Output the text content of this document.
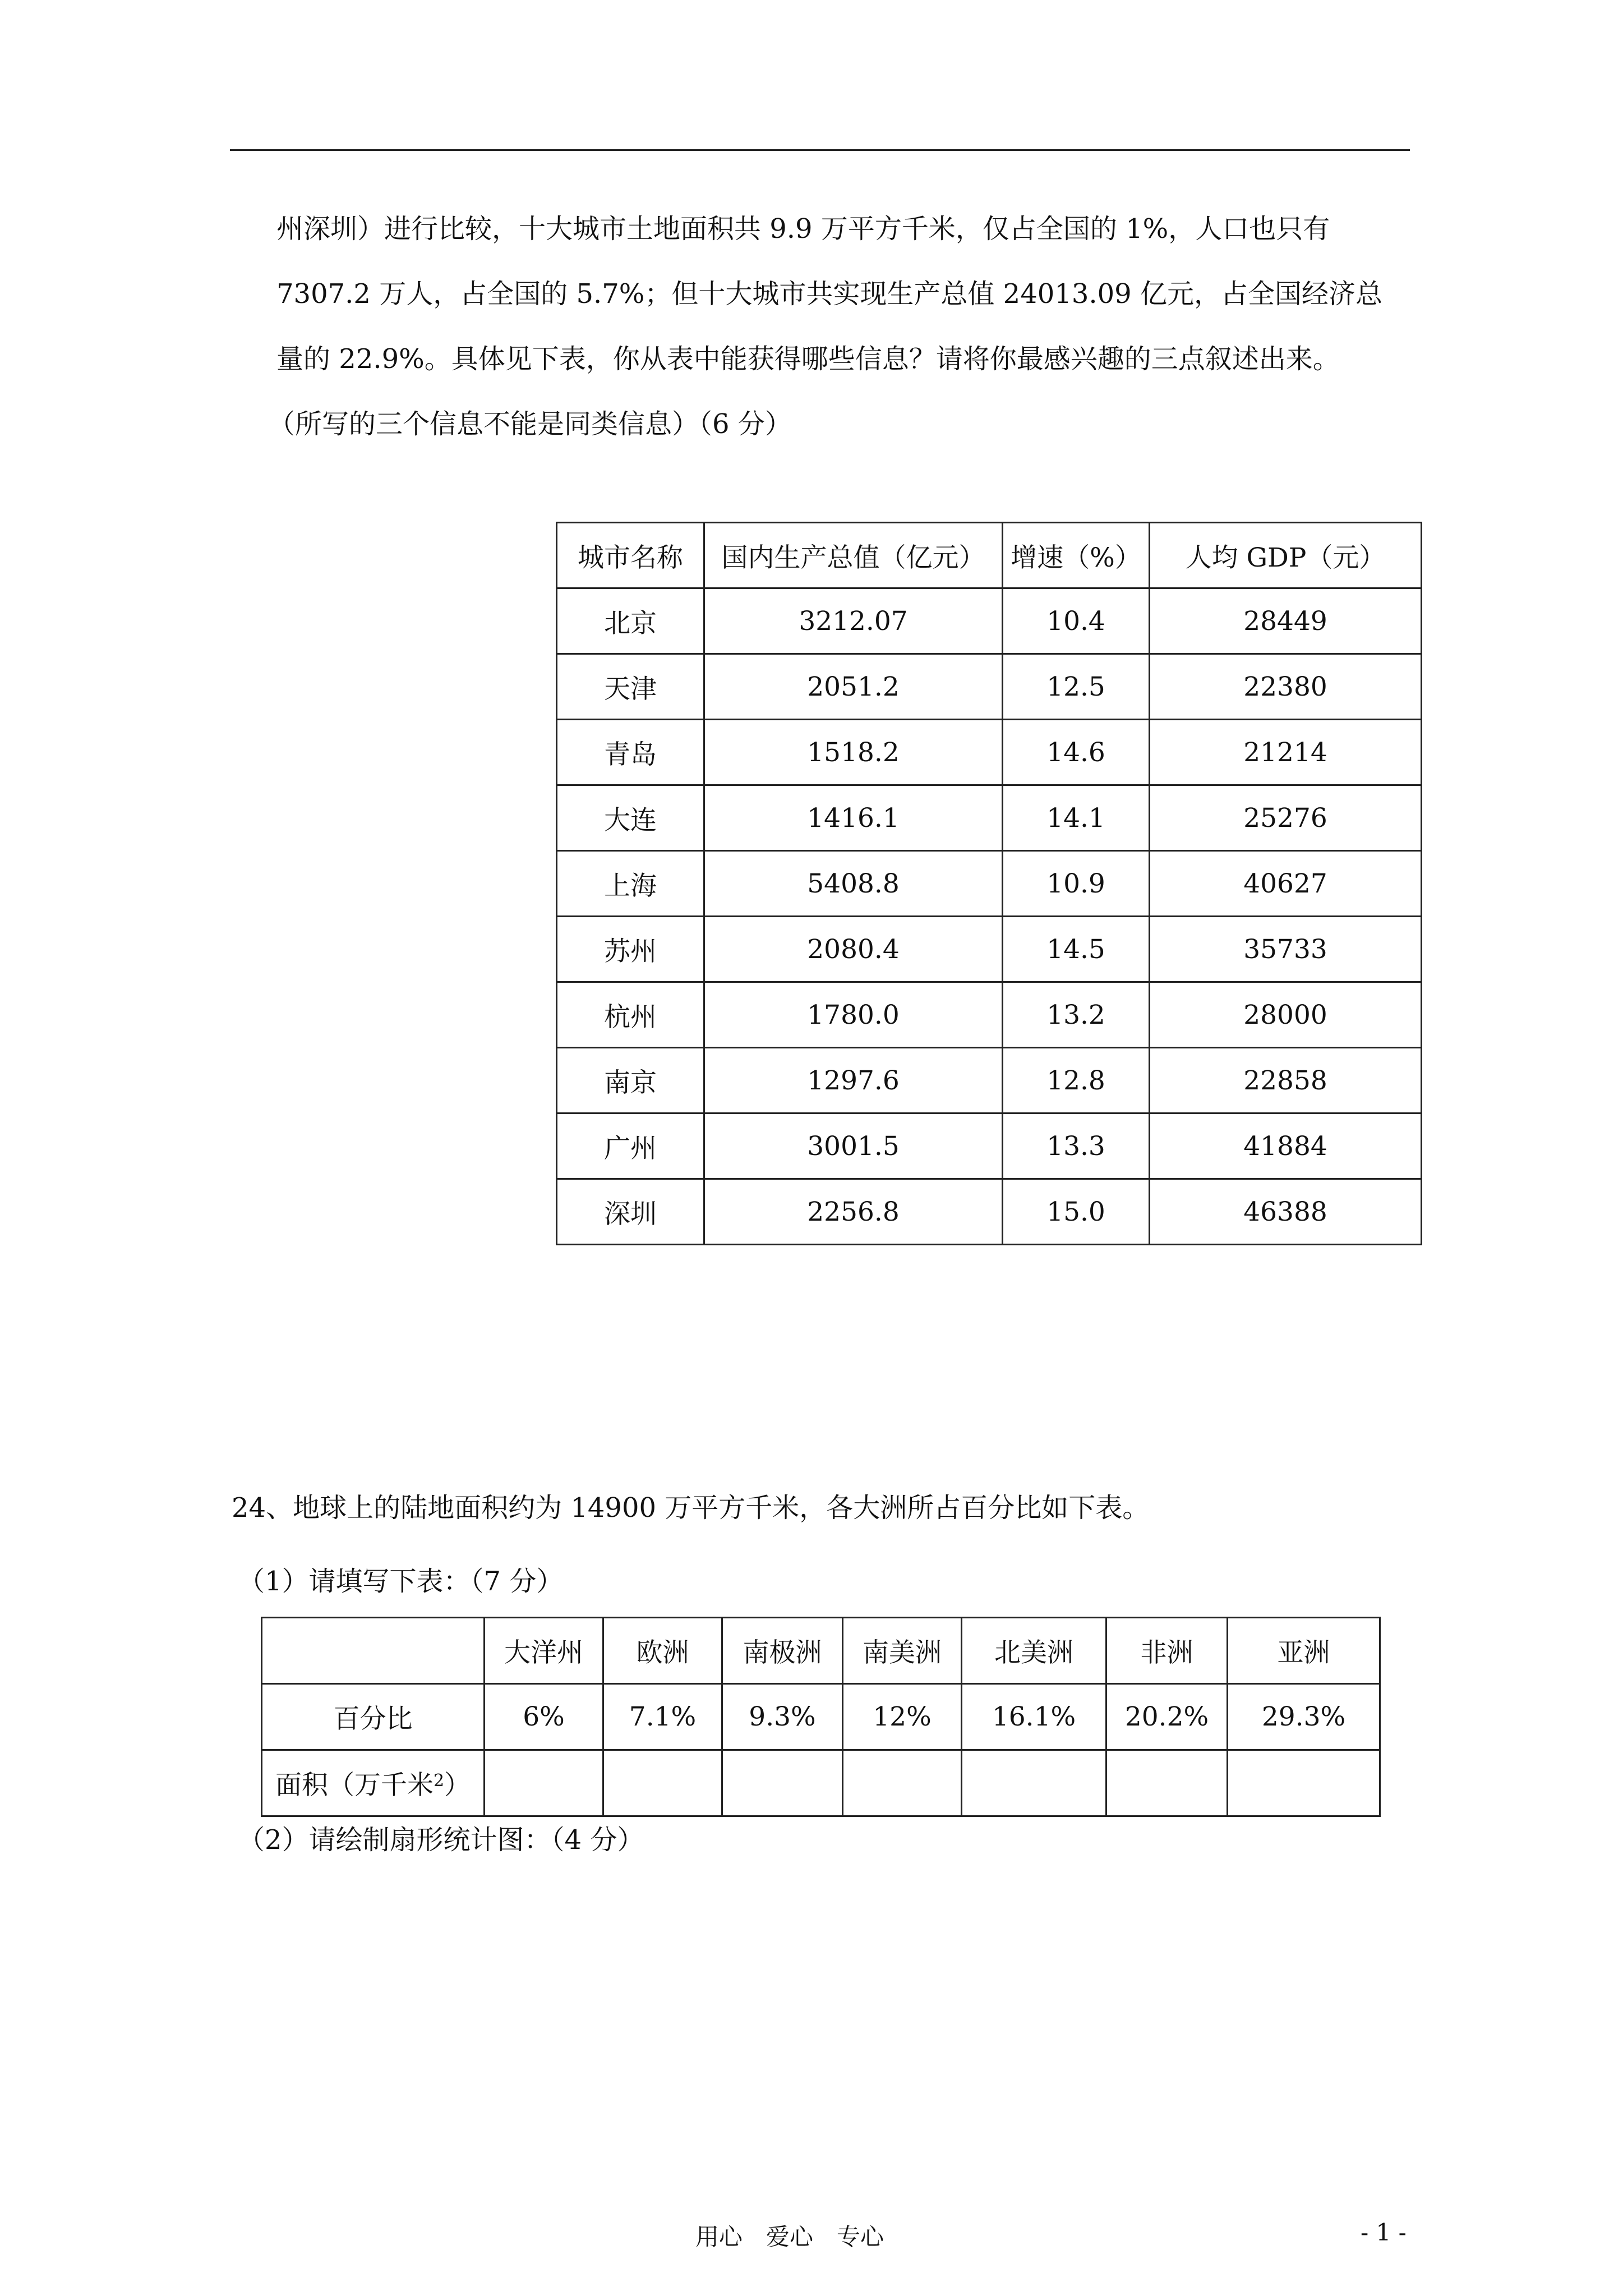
州深圳）进行比较，十大城市土地面积共 9.9 万平方千米，仅占全国的 1%，人口也只有
7307.2 万人，占全国的 5.7%；但十大城市共实现生产总值 24013.09 亿元，占全国经济总
量的 22.9%。具体见下表，你从表中能获得哪些信息？请将你最感兴趣的三点叙述出来。
（所写的三个信息不能是同类信息）（6 分）
城市名称	国内生产总值（亿元）	增速（%）	人均 GDP（元）
北京	3212.07	10.4	28449
天津	2051.2	12.5	22380
青岛	1518.2	14.6	21214
大连	1416.1	14.1	25276
上海	5408.8	10.9	40627
苏州	2080.4	14.5	35733
杭州	1780.0	13.2	28000
南京	1297.6	12.8	22858
广州	3001.5	13.3	41884
深圳	2256.8	15.0	46388
24、地球上的陆地面积约为 14900 万平方千米，各大洲所占百分比如下表。
（1）请填写下表：（7 分）
	大洋州	欧洲	南极洲	南美洲	北美洲	非洲	亚洲
百分比	6%	7.1%	9.3%	12%	16.1%	20.2%	29.3%
面积（万千米$^2$）							
（2）请绘制扇形统计图：（4 分）
用心　爱心　专心	- 1 -
